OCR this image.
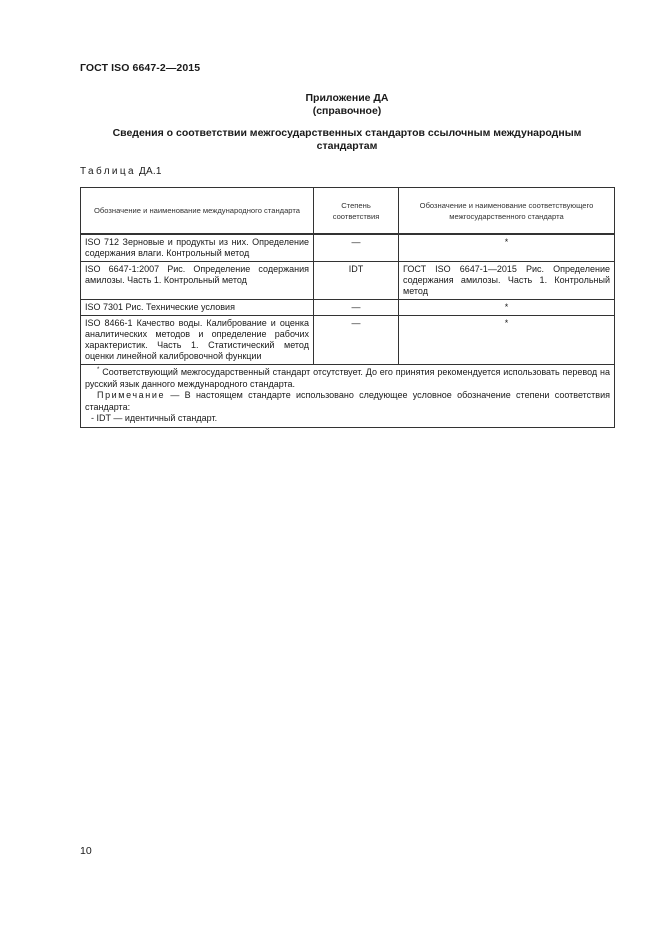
ГОСТ ISO 6647-2—2015
Приложение ДА
(справочное)
Сведения о соответствии межгосударственных стандартов ссылочным международным стандартам
Таблица ДА.1
Обозначение и наименование международного стандарта	Степень соответствия	Обозначение и наименование соответствующего межгосударственного стандарта
ISO 712 Зерновые и продукты из них. Определение содержания влаги. Контрольный метод	—	*
ISO 6647-1:2007 Рис. Определение содержания амилозы. Часть 1. Контрольный метод	IDT	ГОСТ ISO 6647-1—2015 Рис. Определение содержания амилозы. Часть 1. Контрольный метод
ISO 7301 Рис. Технические условия	—	*
ISO 8466-1 Качество воды. Калибрование и оценка аналитических методов и определение рабочих характеристик. Часть 1. Статистический метод оценки линейной калибровочной функции	—	*

* Соответствующий межгосударственный стандарт отсутствует. До его принятия рекомендуется использовать перевод на русский язык данного международного стандарта.
Примечание — В настоящем стандарте использовано следующее условное обозначение степени соответствия стандарта:
- IDT — идентичный стандарт.		
10
